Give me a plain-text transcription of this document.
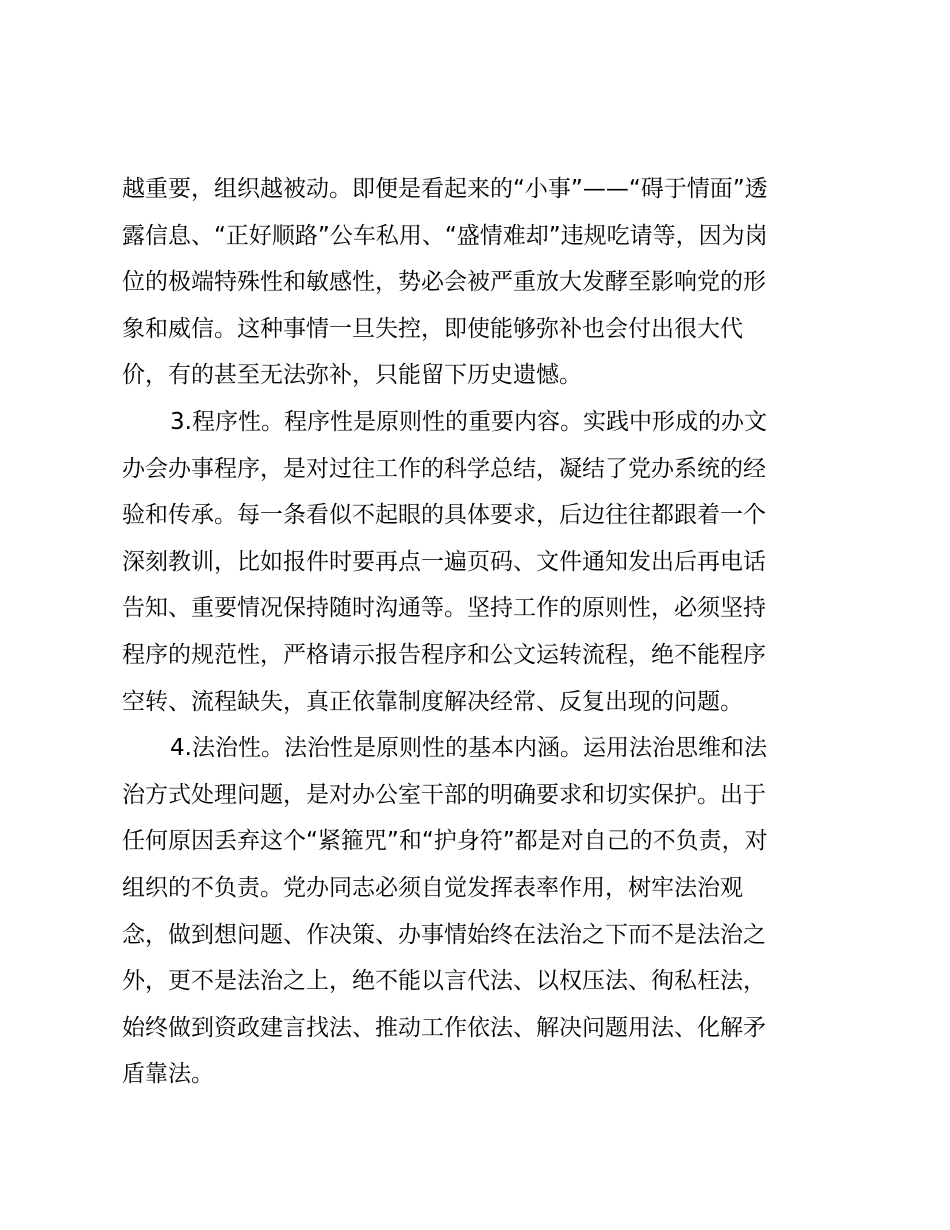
越重要，组织越被动。即便是看起来的“小事”——“碍于情面”透
露信息、“正好顺路”公车私用、“盛情难却”违规吃请等，因为岗
位的极端特殊性和敏感性，势必会被严重放大发酵至影响党的形
象和威信。这种事情一旦失控，即使能够弥补也会付出很大代
价，有的甚至无法弥补，只能留下历史遗憾。
3.程序性。程序性是原则性的重要内容。实践中形成的办文
办会办事程序，是对过往工作的科学总结，凝结了党办系统的经
验和传承。每一条看似不起眼的具体要求，后边往往都跟着一个
深刻教训，比如报件时要再点一遍页码、文件通知发出后再电话
告知、重要情况保持随时沟通等。坚持工作的原则性，必须坚持
程序的规范性，严格请示报告程序和公文运转流程，绝不能程序
空转、流程缺失，真正依靠制度解决经常、反复出现的问题。
4.法治性。法治性是原则性的基本内涵。运用法治思维和法
治方式处理问题，是对办公室干部的明确要求和切实保护。出于
任何原因丢弃这个“紧箍咒”和“护身符”都是对自己的不负责，对
组织的不负责。党办同志必须自觉发挥表率作用，树牢法治观
念，做到想问题、作决策、办事情始终在法治之下而不是法治之
外，更不是法治之上，绝不能以言代法、以权压法、徇私枉法，
始终做到资政建言找法、推动工作依法、解决问题用法、化解矛
盾靠法。
